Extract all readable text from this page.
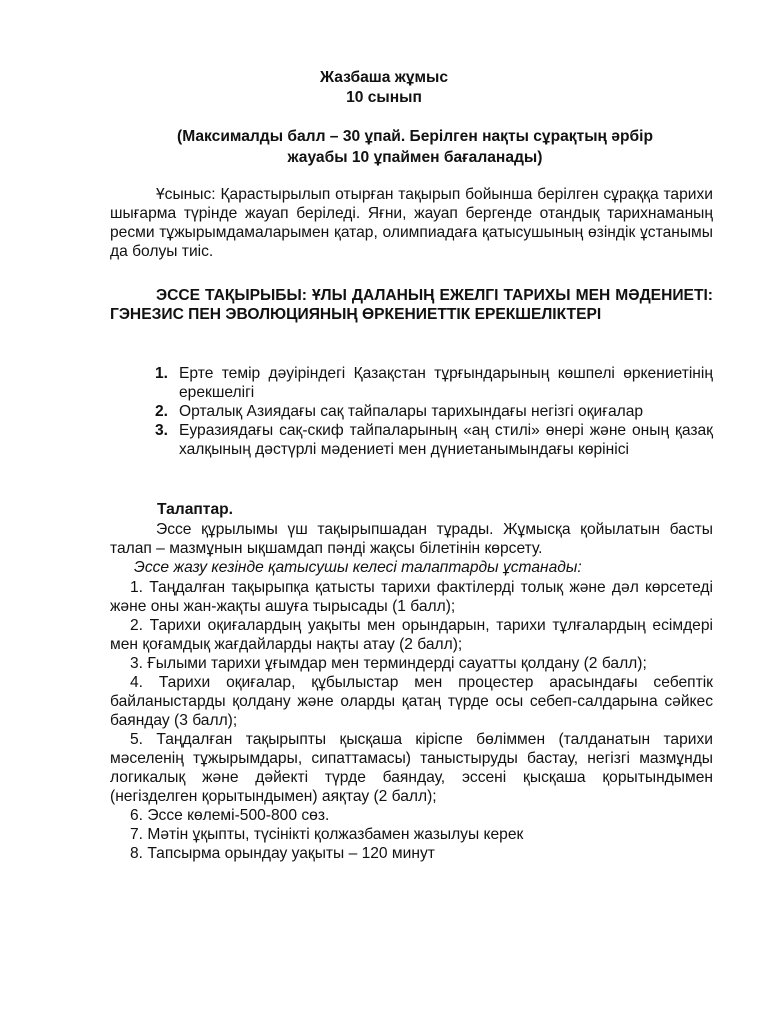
Жазбаша жұмыс

10 сынып

(Максималды балл – 30 ұпай. Берілген нақты сұрақтың әрбір

жауабы 10 ұпаймен бағаланады)

Ұсыныс: Қарастырылып отырған тақырып бойынша берілген сұраққа тарихи шығарма түрінде жауап беріледі. Яғни, жауап бергенде отандық тарихнаманың ресми тұжырымдамаларымен қатар, олимпиадаға қатысушының өзіндік ұстанымы да болуы тиіс.

ЭССЕ ТАҚЫРЫБЫ: ҰЛЫ ДАЛАНЫҢ ЕЖЕЛГІ ТАРИХЫ МЕН МӘДЕНИЕТІ: ГЭНЕЗИС ПЕН ЭВОЛЮЦИЯНЫҢ ӨРКЕНИЕТТІК ЕРЕКШЕЛІКТЕРІ

1. Ерте темір дәуіріндегі Қазақстан тұрғындарының көшпелі өркениетінің ерекшелігі
2. Орталық Азиядағы сақ тайпалары тарихындағы негізгі оқиғалар
3. Еуразиядағы сақ-скиф тайпаларының «аң стилі» өнері және оның қазақ халқының дәстүрлі мәдениеті мен дүниетанымындағы көрінісі

Талаптар.

Эссе құрылымы үш тақырыпшадан тұрады. Жұмысқа қойылатын басты талап – мазмұнын ықшамдап пәнді жақсы білетінін көрсету.

Эссе жазу кезінде қатысушы келесі талаптарды ұстанады:

1. Таңдалған тақырыпқа қатысты тарихи фактілерді толық және дәл көрсетеді және оны жан-жақты ашуға тырысады (1 балл);
2. Тарихи оқиғалардың уақыты мен орындарын, тарихи тұлғалардың есімдері мен қоғамдық жағдайларды нақты атау (2 балл);
3. Ғылыми тарихи ұғымдар мен терминдерді сауатты қолдану (2 балл);
4. Тарихи оқиғалар, құбылыстар мен процестер арасындағы себептік байланыстарды қолдану және оларды қатаң түрде осы себеп-салдарына сәйкес баяндау (3 балл);
5. Таңдалған тақырыпты қысқаша кіріспе бөліммен (талданатын тарихи мәселенің тұжырымдары, сипаттамасы) таныстыруды бастау, негізгі мазмұнды логикалық және дәйекті түрде баяндау, эссені қысқаша қорытындымен (негізделген қорытындымен) аяқтау (2 балл);
6. Эссе көлемі-500-800 сөз.
7. Мәтін ұқыпты, түсінікті қолжазбамен жазылуы керек
8. Тапсырма орындау уақыты – 120 минут
